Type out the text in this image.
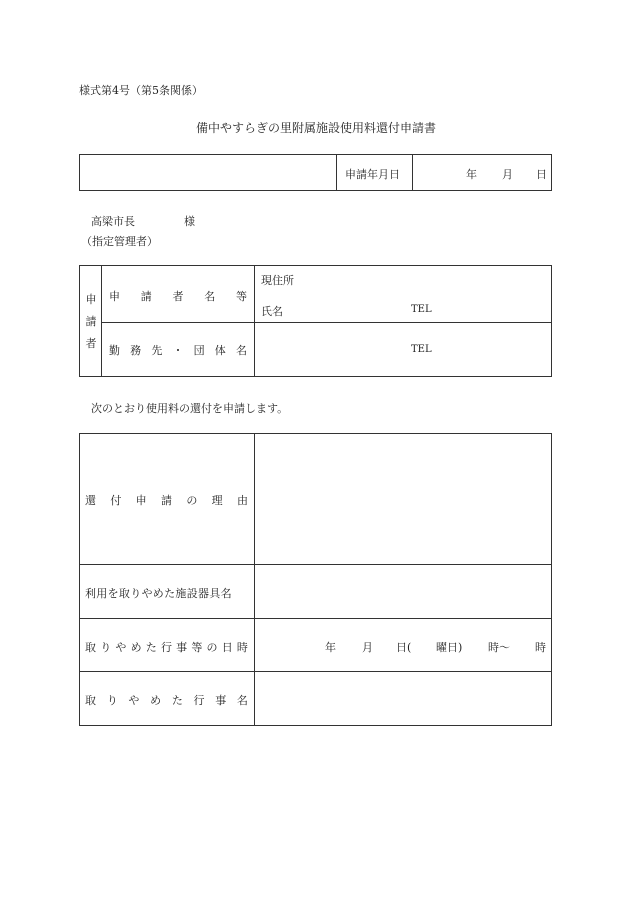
様式第4号（第5条関係）
備中やすらぎの里附属施設使用料還付申請書
申請年月日	年 月 日
高梁市長	様
（指定管理者）
申
請
者
申 請 者 名 等
現住所
氏名	TEL
勤 務 先 ・ 団 体 名	TEL
次のとおり使用料の還付を申請します。
還 付 申 請 の 理 由
利用を取りやめた施設器具名
取 り や め た 行 事 等 の 日 時	年 月 日( 曜日) 時〜 時
取 り や め た 行 事 名
